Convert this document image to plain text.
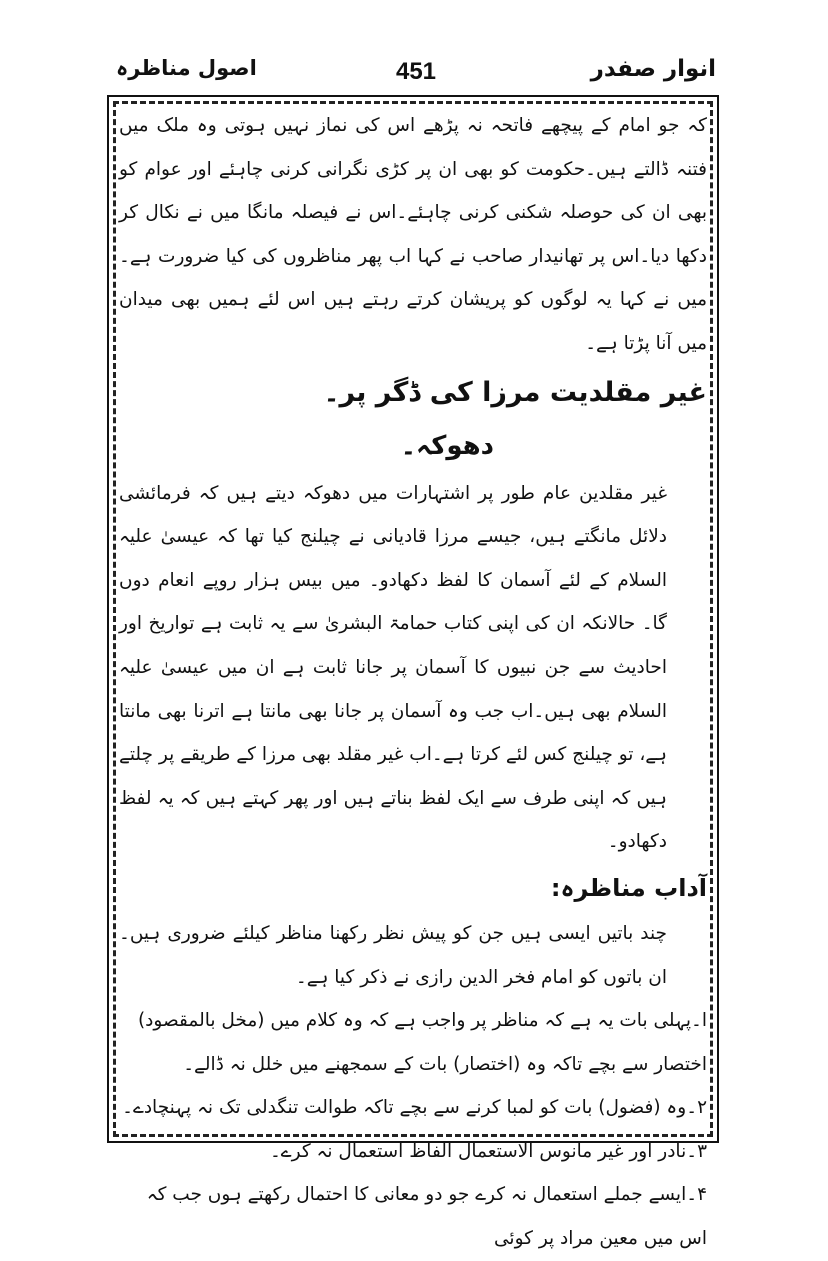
انوار صفدر
451
اصول مناظرہ

کہ جو امام کے پیچھے فاتحہ نہ پڑھے اس کی نماز نہیں ہوتی وہ ملک میں فتنہ ڈالتے ہیں۔حکومت کو بھی ان پر کڑی نگرانی کرنی چاہئے اور عوام کو بھی ان کی حوصلہ شکنی کرنی چاہئے۔اس نے فیصلہ مانگا میں نے نکال کر دکھا دیا۔اس پر تھانیدار صاحب نے کہا اب پھر مناظروں کی کیا ضرورت ہے۔ میں نے کہا یہ لوگوں کو پریشان کرتے رہتے ہیں اس لئے ہمیں بھی میدان میں آنا پڑتا ہے۔

غیر مقلدیت مرزا کی ڈگر پر۔

دھوکہ۔

غیر مقلدین عام طور پر اشتہارات میں دھوکہ دیتے ہیں کہ فرمائشی دلائل مانگتے ہیں، جیسے مرزا قادیانی نے چیلنج کیا تھا کہ عیسیٰ علیہ السلام کے لئے آسمان کا لفظ دکھادو۔ میں بیس ہزار روپے انعام دوں گا۔ حالانکہ ان کی اپنی کتاب حمامۃ البشریٰ سے یہ ثابت ہے تواریخ اور احادیث سے جن نبیوں کا آسمان پر جانا ثابت ہے ان میں عیسیٰ علیہ السلام بھی ہیں۔اب جب وہ آسمان پر جانا بھی مانتا ہے اترنا بھی مانتا ہے، تو چیلنج کس لئے کرتا ہے۔اب غیر مقلد بھی مرزا کے طریقے پر چلتے ہیں کہ اپنی طرف سے ایک لفظ بناتے ہیں اور پھر کہتے ہیں کہ یہ لفظ دکھادو۔

آداب مناظرہ:

چند باتیں ایسی ہیں جن کو پیش نظر رکھنا مناظر کیلئے ضروری ہیں۔ان باتوں کو امام فخر الدین رازی نے ذکر کیا ہے۔

ا۔پہلی بات یہ ہے کہ مناظر پر واجب ہے کہ وہ کلام میں (مخل بالمقصود) اختصار سے بچے تاکہ وہ (اختصار) بات کے سمجھنے میں خلل نہ ڈالے۔

۲۔وہ (فضول) بات کو لمبا کرنے سے بچے تاکہ طوالت تنگدلی تک نہ پہنچادے۔

۳۔نادر اور غیر مانوس الاستعمال الفاظ استعمال نہ کرے۔

۴۔ایسے جملے استعمال نہ کرے جو دو معانی کا احتمال رکھتے ہوں جب کہ اس میں معین مراد پر کوئی
